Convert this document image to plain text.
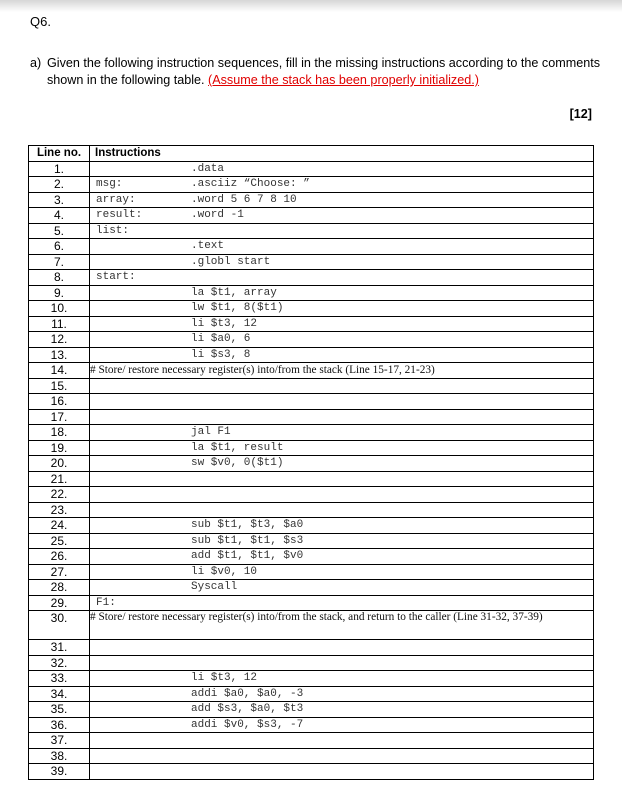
Q6.
a) Given the following instruction sequences, fill in the missing instructions according to the comments shown in the following table. (Assume the stack has been properly initialized.)
[12]
Line no.	Instructions
1.	.data

2.	msg: .asciiz “Choose: ”

3.	array: .word 5 6 7 8 10

4.	result: .word -1

5.	list:

6.	.text

7.	.globl start

8.	start:

9.	la $t1, array

10.	lw $t1, 8($t1)

11.	li $t3, 12

12.	li $a0, 6

13.	li $s3, 8

14.	# Store/ restore necessary register(s) into/from the stack (Line 15-17, 21-23)
15.	
16.	
17.	
18.	jal F1

19.	la $t1, result

20.	sw $v0, 0($t1)

21.	
22.	
23.	
24.	sub $t1, $t3, $a0

25.	sub $t1, $t1, $s3

26.	add $t1, $t1, $v0

27.	li $v0, 10

28.	Syscall

29.	F1:

30.	# Store/ restore necessary register(s) into/from the stack, and return to the caller (Line 31-32, 37-39)
31.	
32.	
33.	li $t3, 12

34.	addi $a0, $a0, -3

35.	add $s3, $a0, $t3

36.	addi $v0, $s3, -7

37.	
38.	
39.	
